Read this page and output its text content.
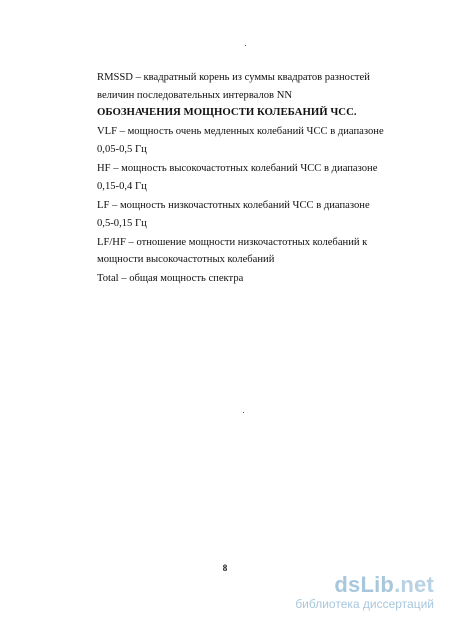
RMSSD – квадратный корень из суммы квадратов разностей

величин последовательных интервалов NN

ОБОЗНАЧЕНИЯ МОЩНОСТИ КОЛЕБАНИЙ ЧСС.

VLF – мощность очень медленных колебаний ЧСС в диапазоне

0,05-0,5 Гц

HF – мощность высокочастотных колебаний ЧСС в диапазоне

0,15-0,4 Гц

LF – мощность низкочастотных колебаний ЧСС в диапазоне

0,5-0,15 Гц

LF/HF – отношение мощности низкочастотных колебаний к

мощности высокочастотных колебаний

Total – общая мощность спектра

8
dsLib.net
библиотека диссертаций
